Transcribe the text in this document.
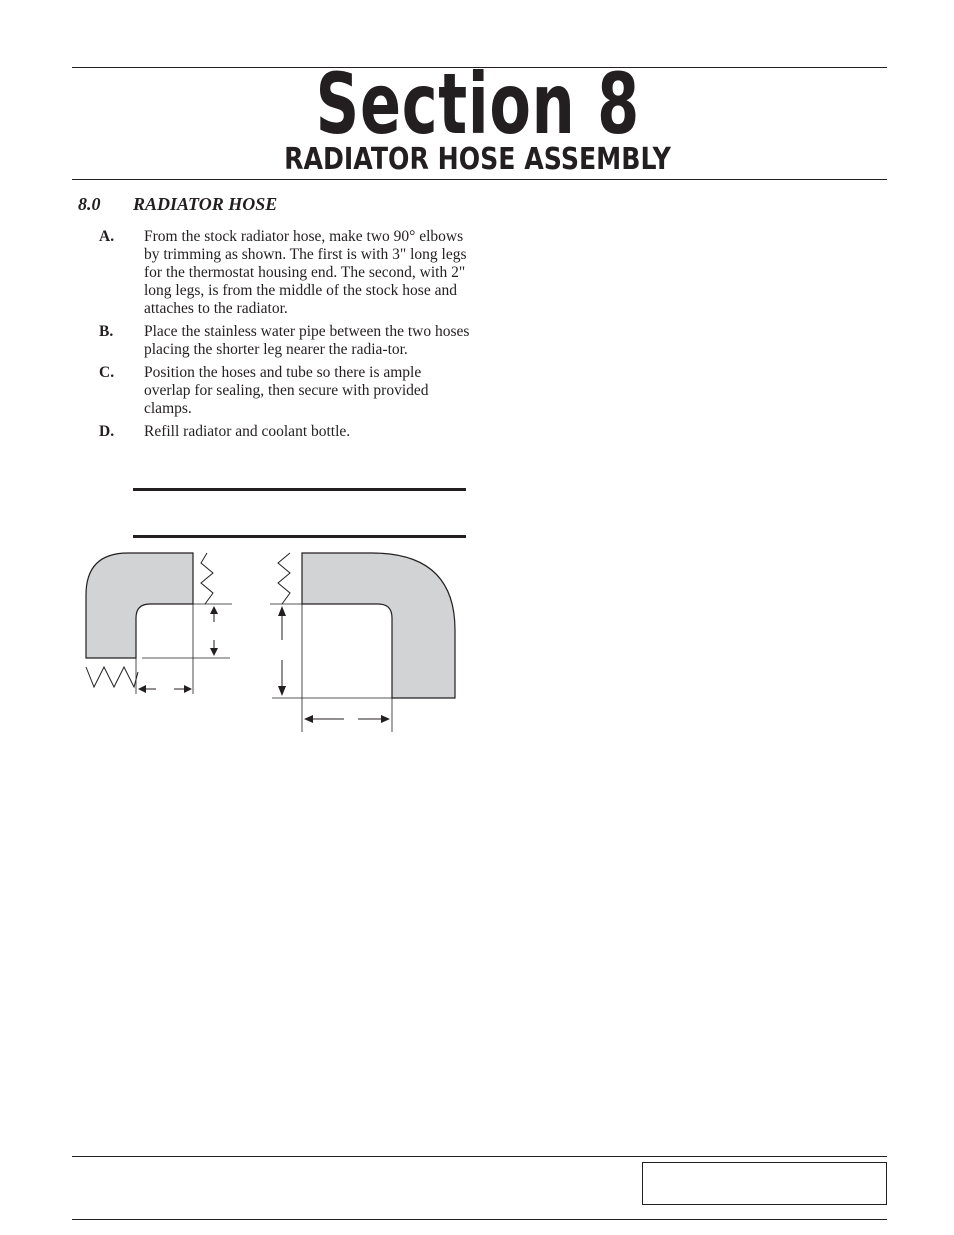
Section 8
RADIATOR HOSE ASSEMBLY
8.0 RADIATOR HOSE
A.	From the stock radiator hose, make two 90° elbows by trimming as shown. The first is with 3" long legs for the thermostat housing end. The second, with 2" long legs, is from the middle of the stock hose and attaches to the radiator.
B.	Place the stainless water pipe between the two hoses placing the shorter leg nearer the radia-tor.
C.	Position the hoses and tube so there is ample overlap for sealing, then secure with provided clamps.
D.	Refill radiator and coolant bottle.
